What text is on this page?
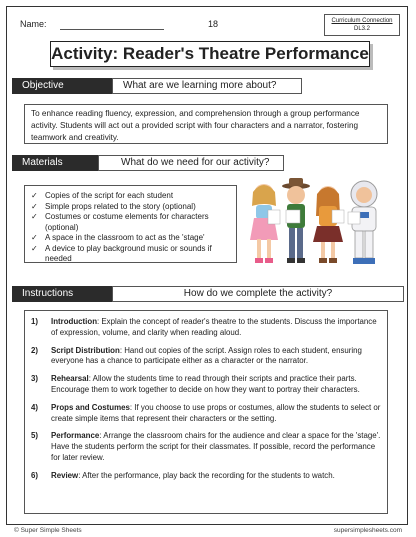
Name:	18	Curriculum Connection
DL3.2
Activity: Reader's Theatre Performance
Objective	What are we learning more about?
To enhance reading fluency, expression, and comprehension through a group performance activity. Students will act out a provided script with four characters and a narrator, fostering teamwork and creativity.
Materials	What do we need for our activity?
✓ Copies of the script for each student
✓ Simple props related to the story (optional)
✓ Costumes or costume elements for characters (optional)
✓ A space in the classroom to act as the 'stage'
✓ A device to play background music or sounds if needed
Instructions	How do we complete the activity?
1)	Introduction: Explain the concept of reader's theatre to the students. Discuss the importance of expression, volume, and clarity when reading aloud.
2)	Script Distribution: Hand out copies of the script. Assign roles to each student, ensuring everyone has a chance to participate either as a character or the narrator.
3)	Rehearsal: Allow the students time to read through their scripts and practice their parts. Encourage them to work together to decide on how they want to portray their characters.
4)	Props and Costumes: If you choose to use props or costumes, allow the students to select or create simple items that represent their characters or the setting.
5)	Performance: Arrange the classroom chairs for the audience and clear a space for the 'stage'. Have the students perform the script for their classmates. If possible, record the performance for later review.
6)	Review: After the performance, play back the recording for the students to watch.
© Super Simple Sheets	supersimplesheets.com
